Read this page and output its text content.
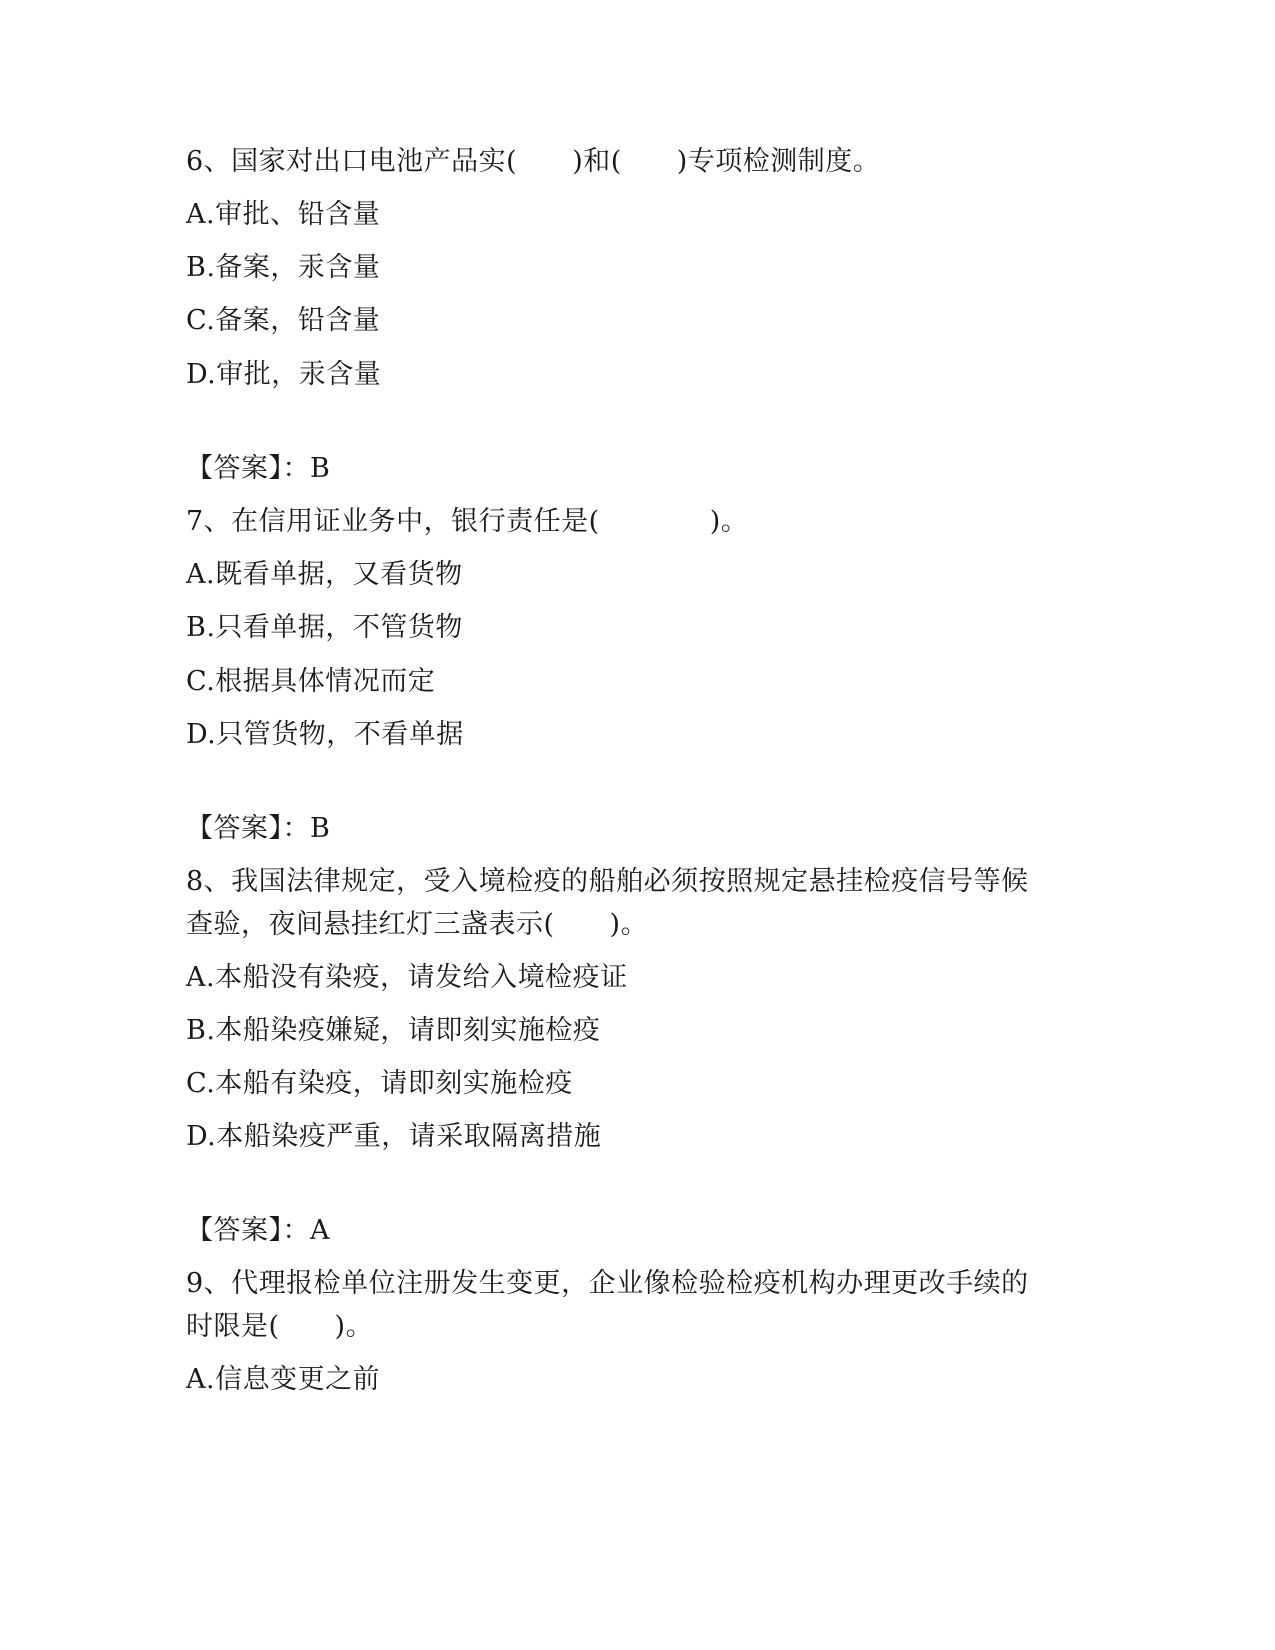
6、国家对出口电池产品实(　　)和(　　)专项检测制度。
A.审批、铅含量
B.备案，汞含量
C.备案，铅含量
D.审批，汞含量
【答案】：B
7、在信用证业务中，银行责任是(　　　　)。
A.既看单据，又看货物
B.只看单据，不管货物
C.根据具体情况而定
D.只管货物，不看单据
【答案】：B
8、我国法律规定，受入境检疫的船舶必须按照规定悬挂检疫信号等候
查验，夜间悬挂红灯三盏表示(　　)。
A.本船没有染疫，请发给入境检疫证
B.本船染疫嫌疑，请即刻实施检疫
C.本船有染疫，请即刻实施检疫
D.本船染疫严重，请采取隔离措施
【答案】：A
9、代理报检单位注册发生变更，企业像检验检疫机构办理更改手续的
时限是(　　)。
A.信息变更之前
